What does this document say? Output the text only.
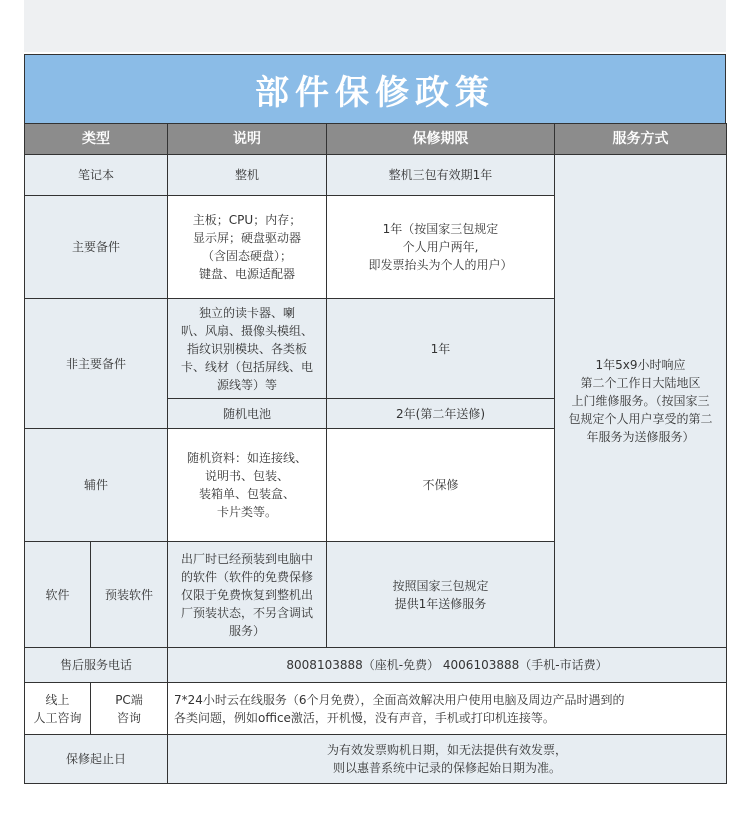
部件保修政策
类型		说明	保修期限	服务方式
笔记本		整机	整机三包有效期1年	1年5x9小时响应
第二个工作日大陆地区
上门维修服务。（按国家三
包规定个人用户享受的第二
年服务为送修服务）
主要备件		主板；CPU；内存；
显示屏；硬盘驱动器
（含固态硬盘）；
键盘、电源适配器	1年（按国家三包规定
个人用户两年,
即发票抬头为个人的用户）	
非主要备件		独立的读卡器、喇
叭、风扇、摄像头模组、
指纹识别模块、各类板
卡、线材（包括屏线、电
源线等）等	1年	
		随机电池	2年(第二年送修)	
辅件		随机资料：如连接线、
说明书、包装、
装箱单、包装盒、
卡片类等。	不保修	
软件	预装软件	出厂时已经预装到电脑中
的软件（软件的免费保修
仅限于免费恢复到整机出
厂预装状态，不另含调试
服务）	按照国家三包规定
提供1年送修服务	
售后服务电话		8008103888（座机-免费） 4006103888（手机-市话费）		
线上
人工咨询	PC端
咨询	7*24小时云在线服务（6个月免费），全面高效解决用户使用电脑及周边产品时遇到的
各类问题，例如office激活，开机慢，没有声音，手机或打印机连接等。		
保修起止日		为有效发票购机日期，如无法提供有效发票，
则以惠普系统中记录的保修起始日期为准。		
